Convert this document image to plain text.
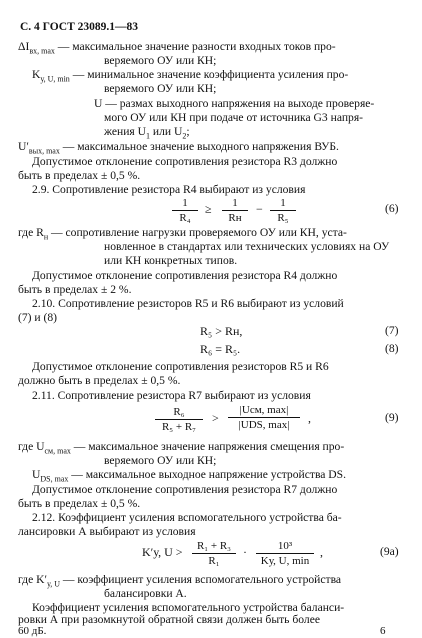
С. 4 ГОСТ 23089.1—83
$\Delta I_{вх, max}$ — максимальное значение разности входных токов про-
веряемого ОУ или КН;
$K_{у, U, min}$ — минимальное значение коэффициента усиления про-
веряемого ОУ или КН;
U — размах выходного напряжения на выходе проверяе-
мого ОУ или КН при подаче от источника G3 напря-
жения $U_1$ или $U_2$;
$U'_{вых, max}$ — максимальное значение выходного напряжения ВУБ.
Допустимое отклонение сопротивления резистора R3 должно
быть в пределах ± 0,5 %.
2.9. Сопротивление резистора R4 выбирают из условия
$\frac{1}{\text{R₄}}$ ≥	1
Rн
− $\frac{1}{\text{R₅}}$	(6)
где $R_н$ — сопротивление нагрузки проверяемого ОУ или КН, уста-
новленное в стандартах или технических условиях на ОУ
или КН конкретных типов.
Допустимое отклонение сопротивления резистора R4 должно
быть в пределах ± 2 %.
2.10. Сопротивление резисторов R5 и R6 выбирают из условий
(7) и (8)
R₅ > Rн,	(7)
R₆ = R₅.	(8)
Допустимое отклонение сопротивления резисторов R5 и R6
должно быть в пределах ± 0,5 %.
2.11. Сопротивление резистора R7 выбирают из условия
$\frac{\text{R₆}}{\text{R₅ + R₇}}$ >
|Uсм, max|
|UDS, max|	,	(9)
где $U_{см, max}$ — максимальное значение напряжения смещения про-
веряемого ОУ или КН;
$U_{DS, max}$ — максимальное выходное напряжение устройства DS.
Допустимое отклонение сопротивления резистора R7 должно
быть в пределах ± 0,5 %.
2.12. Коэффициент усиления вспомогательного устройства ба-
лансировки А выбирают из условия
K′у, $U > \frac{\text{R₁ + R₃}}{\text{R₁}}$ ·	10³
Kу, U, min
,	(9a)
где $K'_{у, U}$ — коэффициент усиления вспомогательного устройства
балансировки А.
Коэффициент усиления вспомогательного устройства баланси-
ровки А при разомкнутой обратной связи должен быть более
60 дБ.	6
